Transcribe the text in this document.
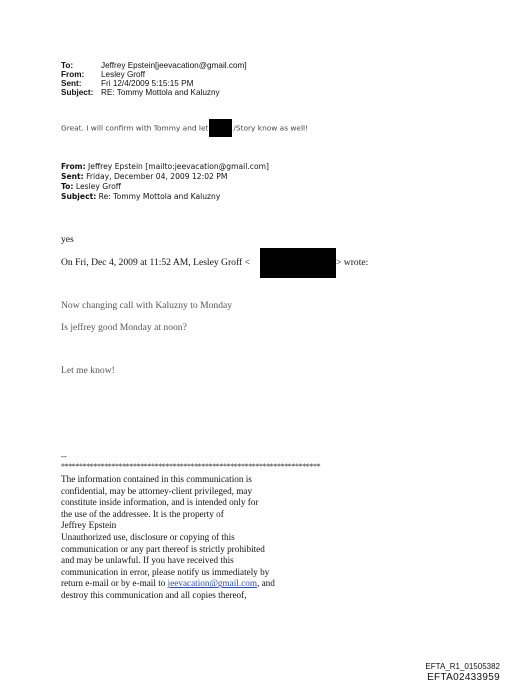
To:	Jeffrey Epstein[jeevacation@gmail.com]
From: Lesley Groff
Sent: Fri 12/4/2009 5:15:15 PM
Subject: RE: Tommy Mottola and Kaluzny
Great. I will confirm with Tommy and let	/Story know as well!
From: Jeffrey Epstein [mailto:jeevacation@gmail.com]
Sent: Friday, December 04, 2009 12:02 PM
To: Lesley Groff
Subject: Re: Tommy Mottola and Kaluzny
yes
On Fri, Dec 4, 2009 at 11:52 AM, Lesley Groff <	> wrote:
Now changing call with Kaluzny to Monday
Is jeffrey good Monday at noon?
Let me know!
--
************************************************************************
The information contained in this communication is
confidential, may be attorney-client privileged, may
constitute inside information, and is intended only for
the use of the addressee. It is the property of
Jeffrey Epstein
Unauthorized use, disclosure or copying of this
communication or any part thereof is strictly prohibited
and may be unlawful. If you have received this
communication in error, please notify us immediately by
return e-mail or by e-mail to jeevacation@gmail.com, and
destroy this communication and all copies thereof,
EFTA_R1_01505382
EFTA02433959
